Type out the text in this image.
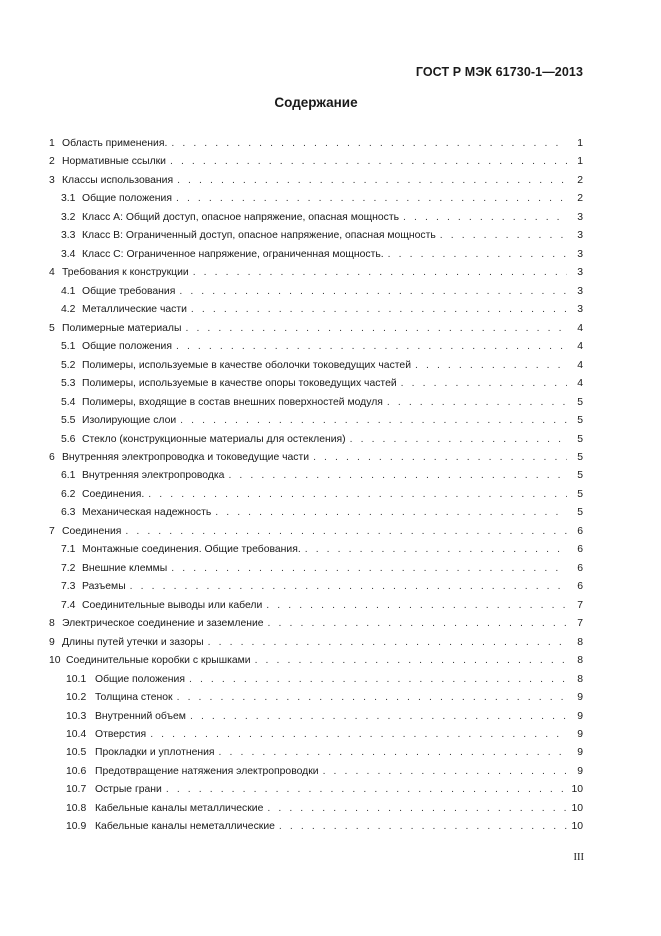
ГОСТ Р МЭК 61730-1—2013
Содержание
1 Область применения. . . .	1
2 Нормативные ссылки . . .	1
3 Классы использования . . .	2
3.1 Общие положения . . .	2
3.2 Класс А: Общий доступ, опасное напряжение, опасная мощность . . .	3
3.3 Класс В: Ограниченный доступ, опасное напряжение, опасная мощность . . .	3
3.4 Класс С: Ограниченное напряжение, ограниченная мощность. . . .	3
4 Требования к конструкции . . .	3
4.1 Общие требования . . .	3
4.2 Металлические части . . .	3
5 Полимерные материалы . . .	4
5.1 Общие положения . . .	4
5.2 Полимеры, используемые в качестве оболочки токоведущих частей . . .	4
5.3 Полимеры, используемые в качестве опоры токоведущих частей . . .	4
5.4 Полимеры, входящие в состав внешних поверхностей модуля . . .	5
5.5 Изолирующие слои . . .	5
5.6 Стекло (конструкционные материалы для остекления) . . .	5
6 Внутренняя электропроводка и токоведущие части . . .	5
6.1 Внутренняя электропроводка . . .	5
6.2 Соединения. . . .	5
6.3 Механическая надежность . . .	5
7 Соединения . . .	6
7.1 Монтажные соединения. Общие требования. . . .	6
7.2 Внешние клеммы . . .	6
7.3 Разъемы . . .	6
7.4 Соединительные выводы или кабели . . .	7
8 Электрическое соединение и заземление . . .	7
9 Длины путей утечки и зазоры . . .	8
10 Соединительные коробки с крышками . . .	8
10.1 Общие положения . . .	8
10.2 Толщина стенок . . .	9
10.3 Внутренний объем . . .	9
10.4 Отверстия . . .	9
10.5 Прокладки и уплотнения . . .	9
10.6 Предотвращение натяжения электропроводки . . .	9
10.7 Острые грани . . .	10
10.8 Кабельные каналы металлические . . .	10
10.9 Кабельные каналы неметаллические . . .	10
III
